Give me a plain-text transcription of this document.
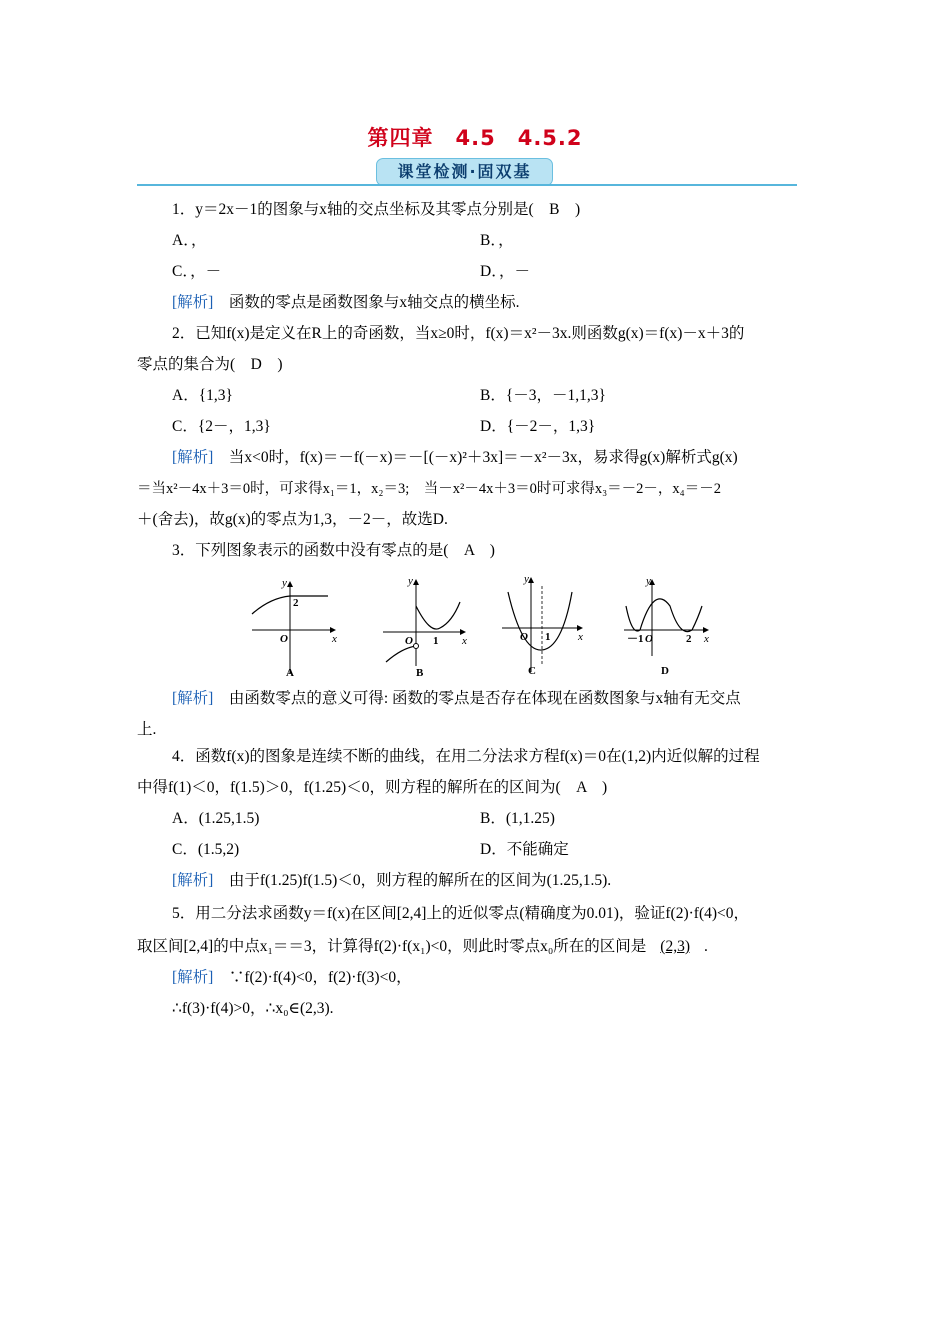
第四章　4.5　4.5.2
课堂检测·固双基
1．y＝2x－1的图象与x轴的交点坐标及其零点分别是(　B　)
A．，	B．，
C．，－	D．，－
[解析]　 函数的零点是函数图象与x轴交点的横坐标.
2．已知f(x)是定义在R上的奇函数，当x≥0时，f(x)＝x²－3x.则函数g(x)＝f(x)－x＋3的
零点的集合为(　D　)
A．{1,3}	B．{－3，－1,1,3}
C．{2－，1,3}	D．{－2－，1,3}
[解析]　 当x<0时，f(x)＝－f(－x)＝－[(－x)²＋3x]＝－x²－3x，易求得g(x)解析式g(x)
＝当x²－4x＋3＝0时，可求得x₁＝1，x₂＝3;　当－x²－4x＋3＝0时可求得x₃＝－2－，x₄＝－2
＋(舍去)，故g(x)的零点为1,3，－2－，故选D.
3．下列图象表示的函数中没有零点的是(　A　)
y
x
O
2
A
y
x
O 1
B
y
x
O 1
C
y
x
－1 O	2
D
[解析]　 由函数零点的意义可得: 函数的零点是否存在体现在函数图象与x轴有无交点
上.
4．函数f(x)的图象是连续不断的曲线，在用二分法求方程f(x)＝0在(1,2)内近似解的过程
中得f(1)＜0，f(1.5)＞0，f(1.25)＜0，则方程的解所在的区间为(　A　)
A．(1.25,1.5)	B．(1,1.25)
C．(1.5,2)	D．不能确定
[解析]　 由于f(1.25)f(1.5)＜0，则方程的解所在的区间为(1.25,1.5).
5．用二分法求函数y＝f(x)在区间[2,4]上的近似零点(精确度为0.01)，验证f(2)·f(4)<0，
取区间[2,4]的中点x₁＝＝3，计算得f(2)·f(x₁)<0，则此时零点x₀所在的区间是 (2,3) .
[解析]　 ∵f(2)·f(4)<0，f(2)·f(3)<0，
∴f(3)·f(4)>0，∴x₀∈(2,3).
